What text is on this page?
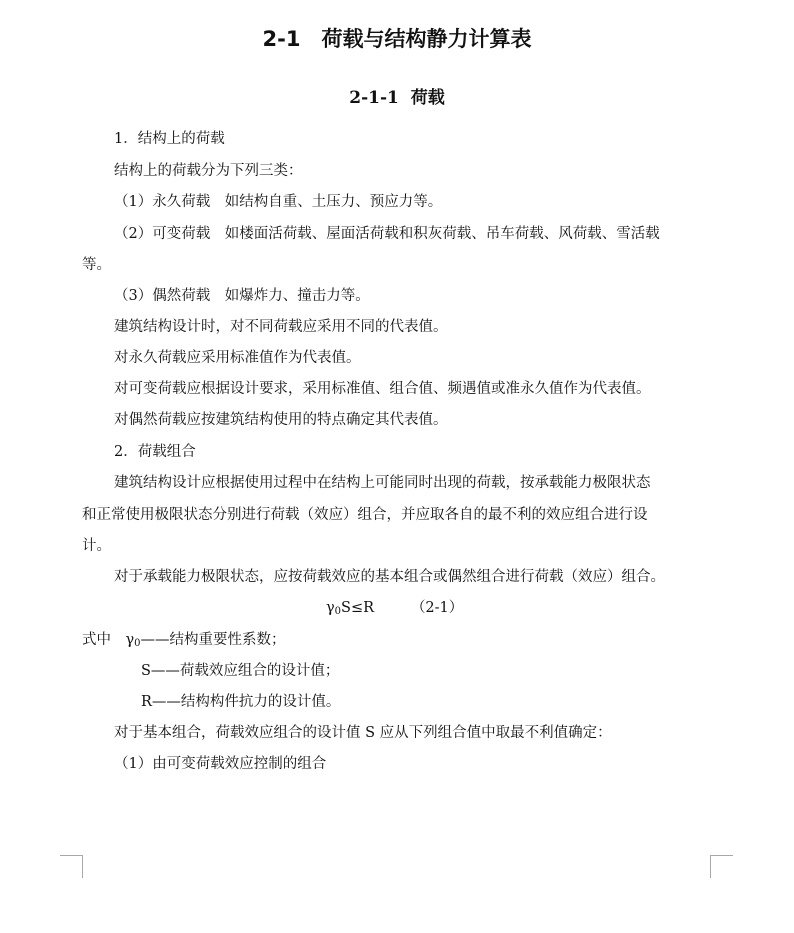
2-1　荷载与结构静力计算表
2-1-1  荷载
1．结构上的荷载
结构上的荷载分为下列三类：
（1）永久荷载　如结构自重、土压力、预应力等。
（2）可变荷载　如楼面活荷载、屋面活荷载和积灰荷载、吊车荷载、风荷载、雪活载
等。
（3）偶然荷载　如爆炸力、撞击力等。
建筑结构设计时，对不同荷载应采用不同的代表值。
对永久荷载应采用标准值作为代表值。
对可变荷载应根据设计要求，采用标准值、组合值、频遇值或准永久值作为代表值。
对偶然荷载应按建筑结构使用的特点确定其代表值。
2．荷载组合
建筑结构设计应根据使用过程中在结构上可能同时出现的荷载，按承载能力极限状态
和正常使用极限状态分别进行荷载（效应）组合，并应取各自的最不利的效应组合进行设
计。
对于承载能力极限状态，应按荷载效应的基本组合或偶然组合进行荷载（效应）组合。
$\gamma_0S\le R$	（2-1）
式中　$\gamma_0——$结构重要性系数；
S——荷载效应组合的设计值；
R——结构构件抗力的设计值。
对于基本组合，荷载效应组合的设计值 S 应从下列组合值中取最不利值确定：
（1）由可变荷载效应控制的组合
